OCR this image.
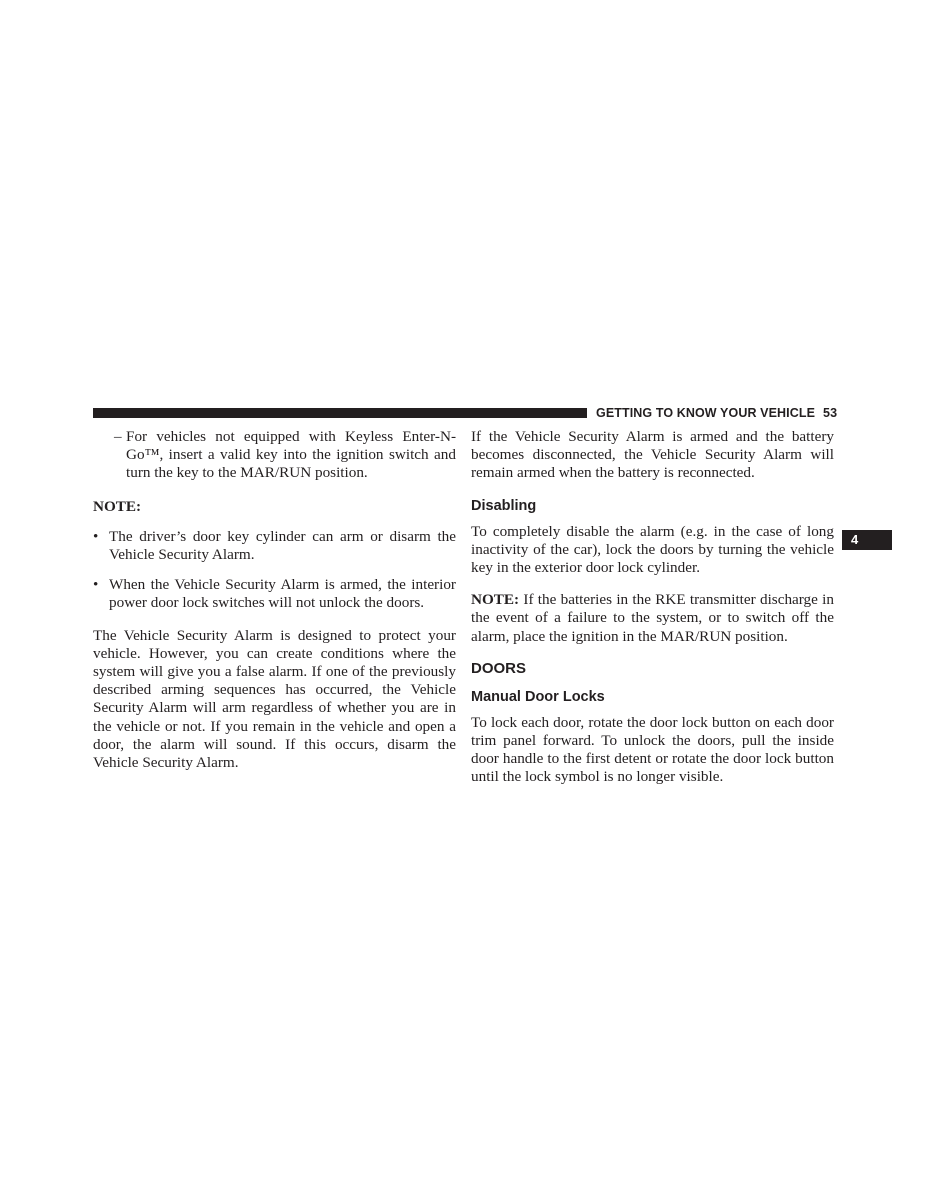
GETTING TO KNOW YOUR VEHICLE 53
4

– For vehicles not equipped with Keyless Enter-N-Go™, insert a valid key into the ignition switch and turn the key to the MAR/RUN position.

NOTE:

• The driver’s door key cylinder can arm or disarm the Vehicle Security Alarm.

• When the Vehicle Security Alarm is armed, the interior power door lock switches will not unlock the doors.

The Vehicle Security Alarm is designed to protect your vehicle. However, you can create conditions where the system will give you a false alarm. If one of the previously described arming sequences has occurred, the Vehicle Security Alarm will arm regardless of whether you are in the vehicle or not. If you remain in the vehicle and open a door, the alarm will sound. If this occurs, disarm the Vehicle Security Alarm.

If the Vehicle Security Alarm is armed and the battery becomes disconnected, the Vehicle Security Alarm will remain armed when the battery is reconnected.

Disabling

To completely disable the alarm (e.g. in the case of long inactivity of the car), lock the doors by turning the vehicle key in the exterior door lock cylinder.

NOTE: If the batteries in the RKE transmitter discharge in the event of a failure to the system, or to switch off the alarm, place the ignition in the MAR/RUN position.

DOORS

Manual Door Locks

To lock each door, rotate the door lock button on each door trim panel forward. To unlock the doors, pull the inside door handle to the first detent or rotate the door lock button until the lock symbol is no longer visible.
